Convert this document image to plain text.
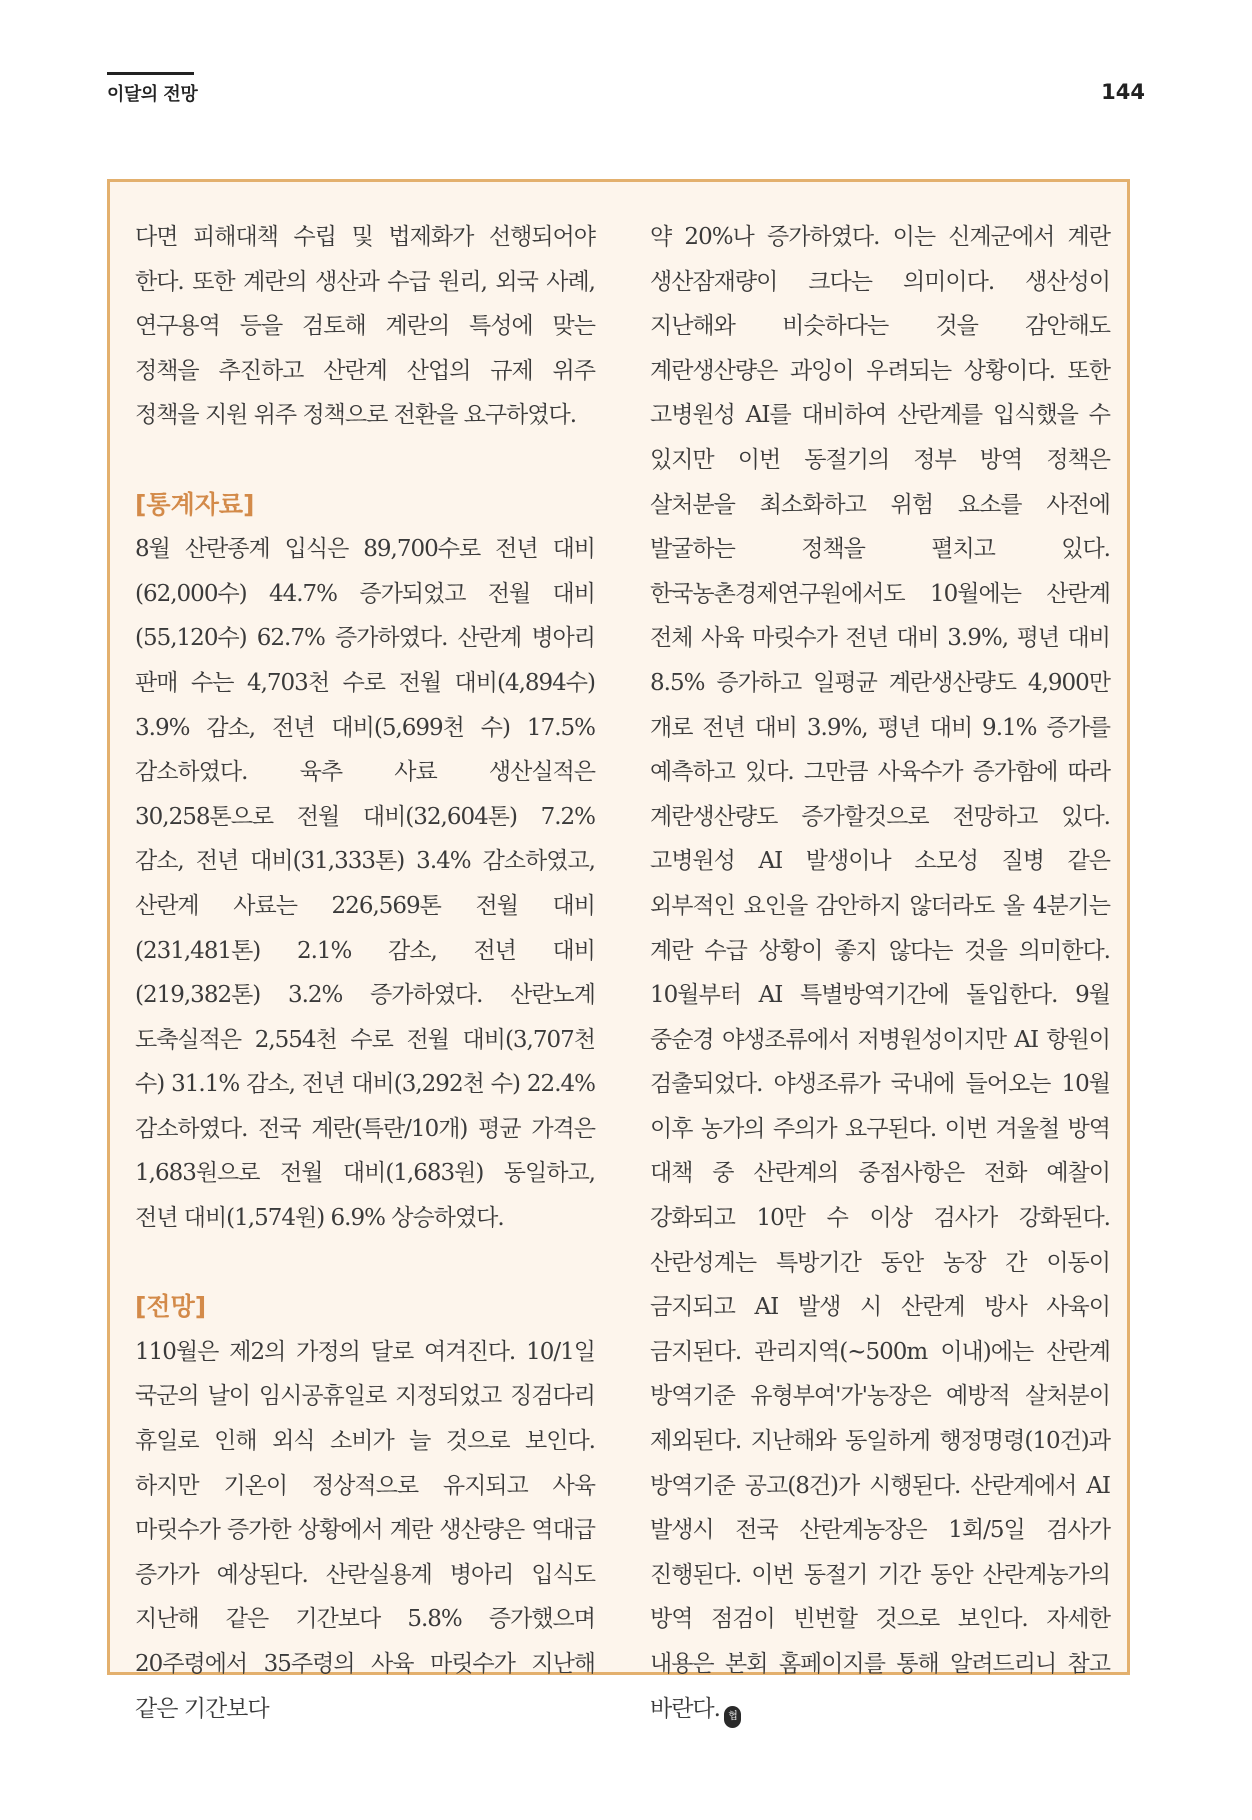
이달의 전망	144

다면 피해대책 수립 및 법제화가 선행되어야 한다. 또한 계란의 생산과 수급 원리, 외국 사례, 연구용역 등을 검토해 계란의 특성에 맞는 정책을 추진하고 산란계 산업의 규제 위주 정책을 지원 위주 정책으로 전환을 요구하였다.

[통계자료]

8월 산란종계 입식은 89,700수로 전년 대비(62,000수) 44.7% 증가되었고 전월 대비(55,120수) 62.7% 증가하였다. 산란계 병아리 판매 수는 4,703천 수로 전월 대비(4,894수) 3.9% 감소, 전년 대비(5,699천 수) 17.5% 감소하였다. 육추 사료 생산실적은 30,258톤으로 전월 대비(32,604톤) 7.2% 감소, 전년 대비(31,333톤) 3.4% 감소하였고, 산란계 사료는 226,569톤 전월 대비(231,481톤) 2.1% 감소, 전년 대비(219,382톤) 3.2% 증가하였다. 산란노계 도축실적은 2,554천 수로 전월 대비(3,707천 수) 31.1% 감소, 전년 대비(3,292천 수) 22.4% 감소하였다. 전국 계란(특란/10개) 평균 가격은 1,683원으로 전월 대비(1,683원) 동일하고, 전년 대비(1,574원) 6.9% 상승하였다.

[전망]

110월은 제2의 가정의 달로 여겨진다. 10/1일 국군의 날이 임시공휴일로 지정되었고 징검다리 휴일로 인해 외식 소비가 늘 것으로 보인다. 하지만 기온이 정상적으로 유지되고 사육 마릿수가 증가한 상황에서 계란 생산량은 역대급 증가가 예상된다. 산란실용계 병아리 입식도 지난해 같은 기간보다 5.8% 증가했으며 20주령에서 35주령의 사육 마릿수가 지난해 같은 기간보다

약 20%나 증가하였다. 이는 신계군에서 계란 생산잠재량이 크다는 의미이다. 생산성이 지난해와 비슷하다는 것을 감안해도 계란생산량은 과잉이 우려되는 상황이다. 또한 고병원성 AI를 대비하여 산란계를 입식했을 수 있지만 이번 동절기의 정부 방역 정책은 살처분을 최소화하고 위험 요소를 사전에 발굴하는 정책을 펼치고 있다. 한국농촌경제연구원에서도 10월에는 산란계 전체 사육 마릿수가 전년 대비 3.9%, 평년 대비 8.5% 증가하고 일평균 계란생산량도 4,900만 개로 전년 대비 3.9%, 평년 대비 9.1% 증가를 예측하고 있다. 그만큼 사육수가 증가함에 따라 계란생산량도 증가할것으로 전망하고 있다. 고병원성 AI 발생이나 소모성 질병 같은 외부적인 요인을 감안하지 않더라도 올 4분기는 계란 수급 상황이 좋지 않다는 것을 의미한다. 10월부터 AI 특별방역기간에 돌입한다. 9월 중순경 야생조류에서 저병원성이지만 AI 항원이 검출되었다. 야생조류가 국내에 들어오는 10월 이후 농가의 주의가 요구된다. 이번 겨울철 방역 대책 중 산란계의 중점사항은 전화 예찰이 강화되고 10만 수 이상 검사가 강화된다. 산란성계는 특방기간 동안 농장 간 이동이 금지되고 AI 발생 시 산란계 방사 사육이 금지된다. 관리지역(~500m 이내)에는 산란계 방역기준 유형부여'가'농장은 예방적 살처분이 제외된다. 지난해와 동일하게 행정명령(10건)과 방역기준 공고(8건)가 시행된다. 산란계에서 AI 발생시 전국 산란계농장은 1회/5일 검사가 진행된다. 이번 동절기 기간 동안 산란계농가의 방역 점검이 빈번할 것으로 보인다. 자세한 내용은 본회 홈페이지를 통해 알려드리니 참고 바란다. 협
